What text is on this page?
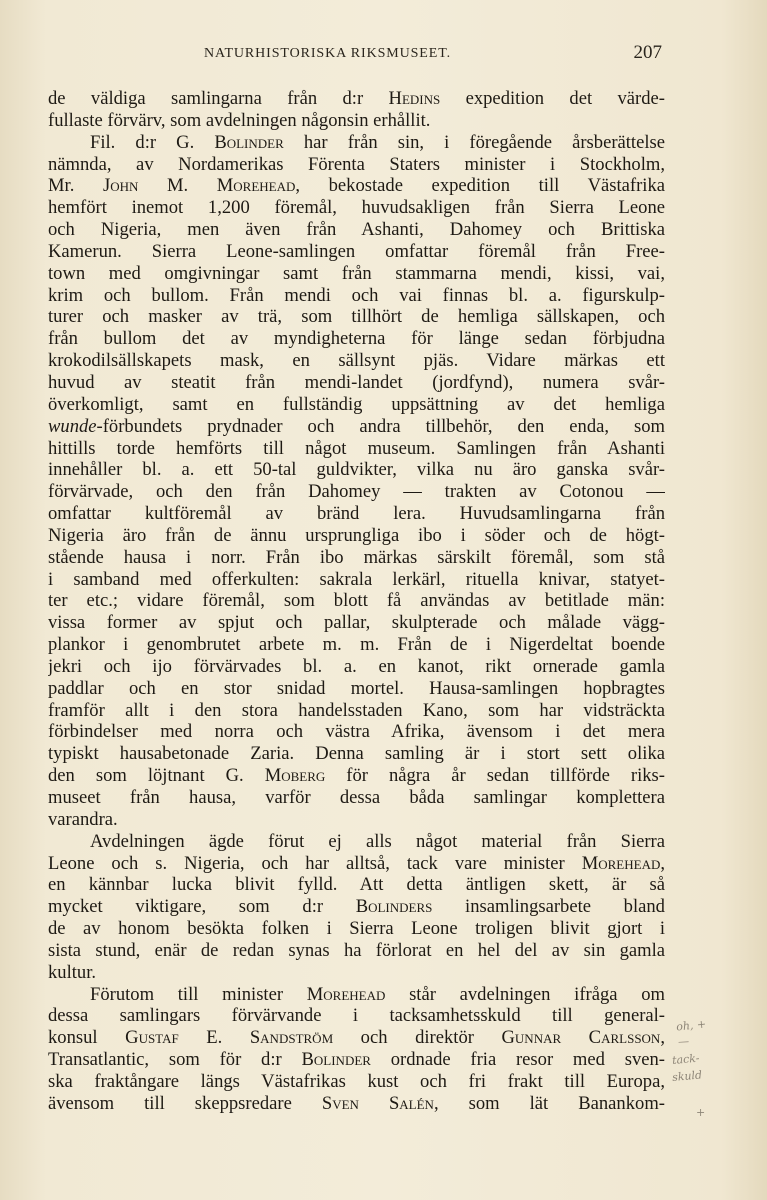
NATURHISTORISKA RIKSMUSEET.	207
de väldiga samlingarna från d:r Hedins expedition det värde-
fullaste förvärv, som avdelningen någonsin erhållit.
Fil. d:r G. Bolinder har från sin, i föregående årsberättelse
nämnda, av Nordamerikas Förenta Staters minister i Stockholm,
Mr. John M. Morehead, bekostade expedition till Västafrika
hemfört inemot 1,200 föremål, huvudsakligen från Sierra Leone
och Nigeria, men även från Ashanti, Dahomey och Brittiska
Kamerun. Sierra Leone-samlingen omfattar föremål från Free-
town med omgivningar samt från stammarna mendi, kissi, vai,
krim och bullom. Från mendi och vai finnas bl. a. figurskulp-
turer och masker av trä, som tillhört de hemliga sällskapen, och
från bullom det av myndigheterna för länge sedan förbjudna
krokodilsällskapets mask, en sällsynt pjäs. Vidare märkas ett
huvud av steatit från mendi-landet (jordfynd), numera svår-
överkomligt, samt en fullständig uppsättning av det hemliga
wunde-förbundets prydnader och andra tillbehör, den enda, som
hittills torde hemförts till något museum. Samlingen från Ashanti
innehåller bl. a. ett 50-tal guldvikter, vilka nu äro ganska svår-
förvärvade, och den från Dahomey — trakten av Cotonou —
omfattar kultföremål av bränd lera. Huvudsamlingarna från
Nigeria äro från de ännu ursprungliga ibo i söder och de högt-
stående hausa i norr. Från ibo märkas särskilt föremål, som stå
i samband med offerkulten: sakrala lerkärl, rituella knivar, statyet-
ter etc.; vidare föremål, som blott få användas av betitlade män:
vissa former av spjut och pallar, skulpterade och målade vägg-
plankor i genombrutet arbete m. m. Från de i Nigerdeltat boende
jekri och ijo förvärvades bl. a. en kanot, rikt ornerade gamla
paddlar och en stor snidad mortel. Hausa-samlingen hopbragtes
framför allt i den stora handelsstaden Kano, som har vidsträckta
förbindelser med norra och västra Afrika, ävensom i det mera
typiskt hausabetonade Zaria. Denna samling är i stort sett olika
den som löjtnant G. Moberg för några år sedan tillförde riks-
museet från hausa, varför dessa båda samlingar komplettera
varandra.
Avdelningen ägde förut ej alls något material från Sierra
Leone och s. Nigeria, och har alltså, tack vare minister Morehead,
en kännbar lucka blivit fylld. Att detta äntligen skett, är så
mycket viktigare, som d:r Bolinders insamlingsarbete bland
de av honom besökta folken i Sierra Leone troligen blivit gjort i
sista stund, enär de redan synas ha förlorat en hel del av sin gamla
kultur.
Förutom till minister Morehead står avdelningen ifråga om
dessa samlingars förvärvande i tacksamhetsskuld till general-
konsul Gustaf E. Sandström och direktör Gunnar Carlsson,
Transatlantic, som för d:r Bolinder ordnade fria resor med sven-
ska fraktångare längs Västafrikas kust och fri frakt till Europa,
ävensom till skeppsredare Sven Salén, som lät Banankom-
oh, +
—
tack-
skuld
+
